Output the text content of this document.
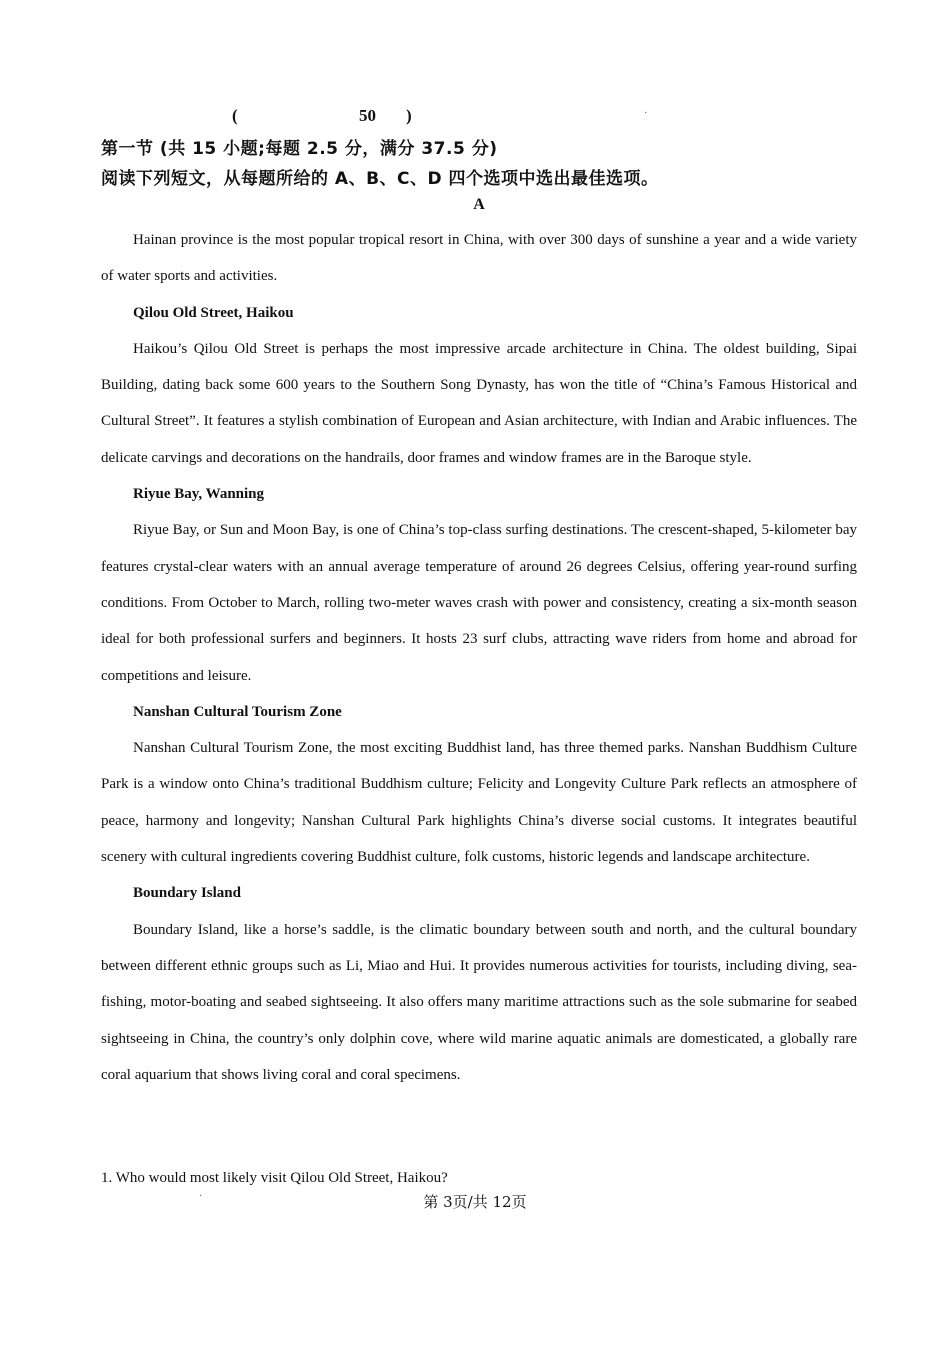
(	50 )	·
第一节 (共 15 小题;每题 2.5 分，满分 37.5 分)
阅读下列短文，从每题所给的 A、B、C、D 四个选项中选出最佳选项。
A

Hainan province is the most popular tropical resort in China, with over 300 days of sunshine a year and a wide variety of water sports and activities.

Qilou Old Street, Haikou

Haikou’s Qilou Old Street is perhaps the most impressive arcade architecture in China. The oldest building, Sipai Building, dating back some 600 years to the Southern Song Dynasty, has won the title of “China’s Famous Historical and Cultural Street”. It features a stylish combination of European and Asian architecture, with Indian and Arabic influences. The delicate carvings and decorations on the handrails, door frames and window frames are in the Baroque style.

Riyue Bay, Wanning

Riyue Bay, or Sun and Moon Bay, is one of China’s top-class surfing destinations. The crescent-shaped, 5-kilometer bay features crystal-clear waters with an annual average temperature of around 26 degrees Celsius, offering year-round surfing conditions. From October to March, rolling two-meter waves crash with power and consistency, creating a six-month season ideal for both professional surfers and beginners. It hosts 23 surf clubs, attracting wave riders from home and abroad for competitions and leisure.

Nanshan Cultural Tourism Zone

Nanshan Cultural Tourism Zone, the most exciting Buddhist land, has three themed parks. Nanshan Buddhism Culture Park is a window onto China’s traditional Buddhism culture; Felicity and Longevity Culture Park reflects an atmosphere of peace, harmony and longevity; Nanshan Cultural Park highlights China’s diverse social customs. It integrates beautiful scenery with cultural ingredients covering Buddhist culture, folk customs, historic legends and landscape architecture.

Boundary Island

Boundary Island, like a horse’s saddle, is the climatic boundary between south and north, and the cultural boundary between different ethnic groups such as Li, Miao and Hui. It provides numerous activities for tourists, including diving, sea-fishing, motor-boating and seabed sightseeing. It also offers many maritime attractions such as the sole submarine for seabed sightseeing in China, the country’s only dolphin cove, where wild marine aquatic animals are domesticated, a globally rare coral aquarium that shows living coral and coral specimens.

1. Who would most likely visit Qilou Old Street, Haikou?
·	第 3页/共 12页
